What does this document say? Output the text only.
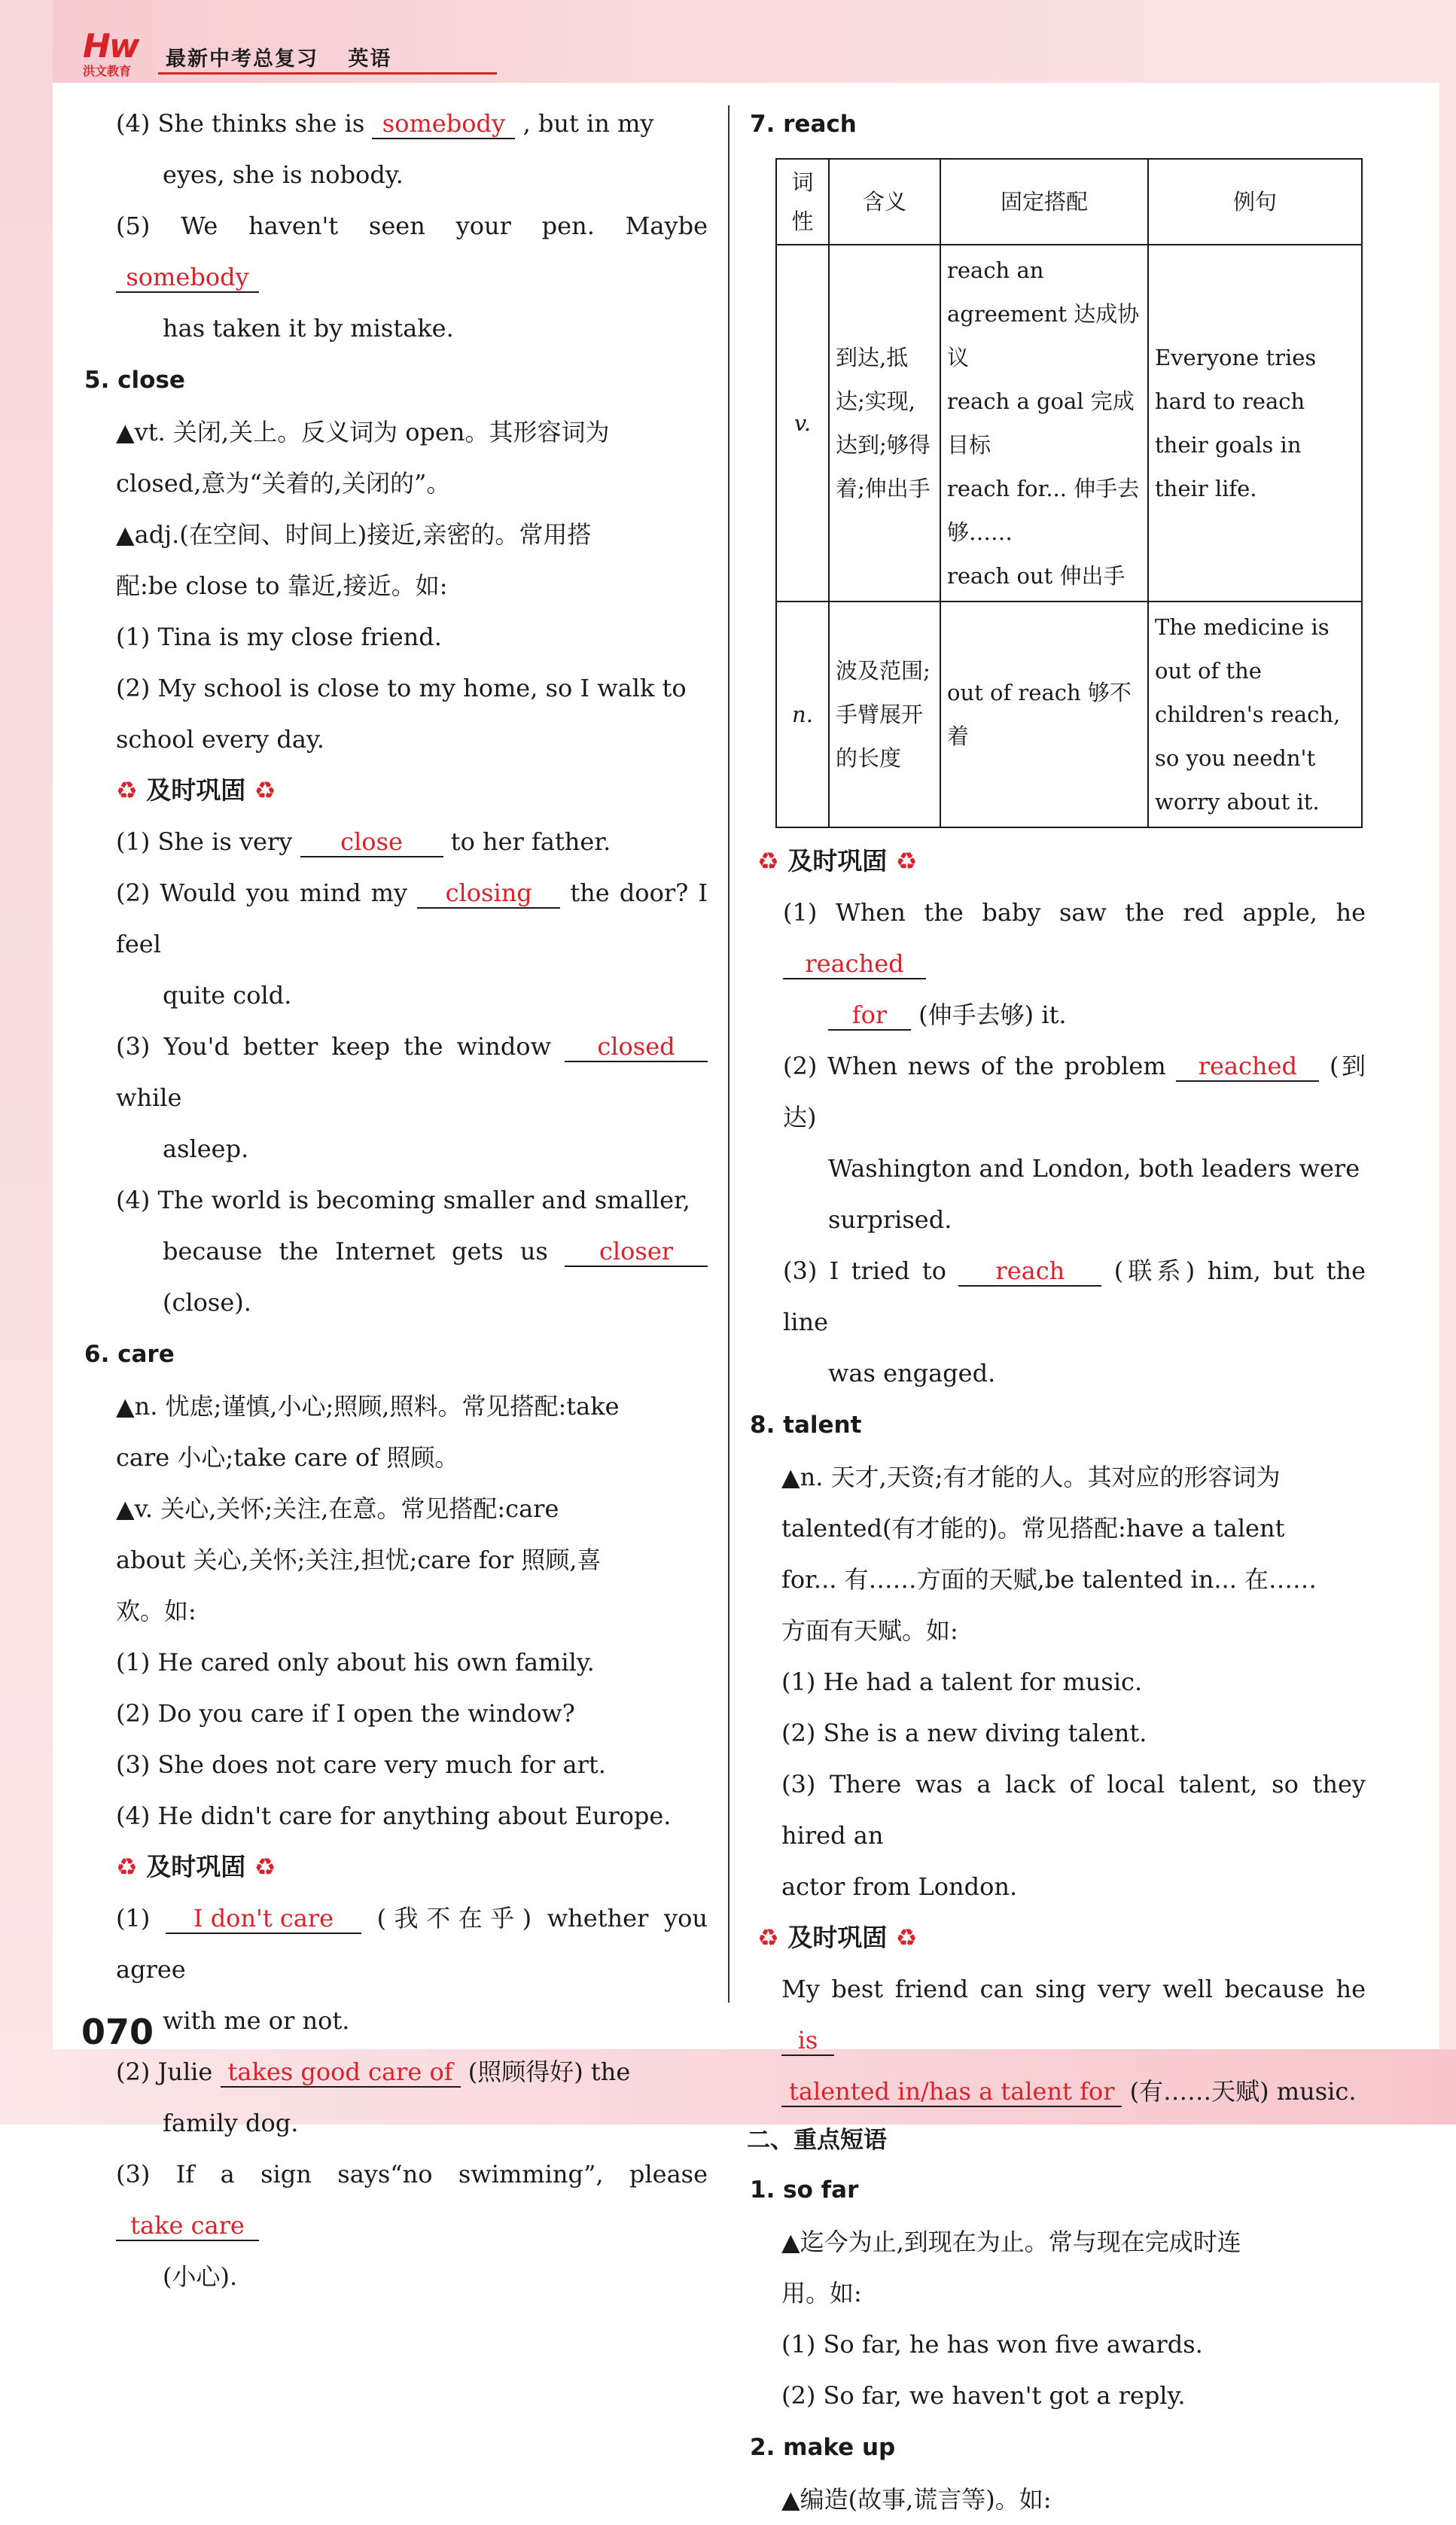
Hw
洪文教育
最新中考总复习 英语

(4) She thinks she is somebody , but in my

eyes, she is nobody.

(5) We haven't seen your pen. Maybe somebody

has taken it by mistake.

5. close

▲vt. 关闭,关上。反义词为 open。其形容词为

closed,意为“关着的,关闭的”。

▲adj.(在空间、时间上)接近,亲密的。常用搭

配:be close to 靠近,接近。如:

(1) Tina is my close friend.

(2) My school is close to my home, so I walk to

school every day.

♻ 及时巩固 ♻

(1) She is very close to her father.

(2) Would you mind my closing the door? I feel

quite cold.

(3) You'd better keep the window closed while

asleep.

(4) The world is becoming smaller and smaller,

because the Internet gets us closer (close).

6. care

▲n. 忧虑;谨慎,小心;照顾,照料。常见搭配:take

care 小心;take care of 照顾。

▲v. 关心,关怀;关注,在意。常见搭配:care

about 关心,关怀;关注,担忧;care for 照顾,喜

欢。如:

(1) He cared only about his own family.

(2) Do you care if I open the window?

(3) She does not care very much for art.

(4) He didn't care for anything about Europe.

♻ 及时巩固 ♻

(1) I don't care (我不在乎) whether you agree

with me or not.

(2) Julie takes good care of (照顾得好) the

family dog.

(3) If a sign says“no swimming”, please take care

(小心).

7. reach

词性	含义	固定搭配	例句
v.	到达,抵达;实现,达到;够得着;伸出手	reach an agreement 达成协议
reach a goal 完成目标
reach for... 伸手去够……
reach out 伸出手	Everyone tries hard to reach their goals in their life.
n.	波及范围;手臂展开的长度	out of reach 够不着	The medicine is out of the children's reach, so you needn't worry about it.
♻ 及时巩固 ♻

(1) When the baby saw the red apple, he reached

for (伸手去够) it.

(2) When news of the problem reached (到达)

Washington and London, both leaders were

surprised.

(3) I tried to reach (联系) him, but the line

was engaged.

8. talent

▲n. 天才,天资;有才能的人。其对应的形容词为

talented(有才能的)。常见搭配:have a talent

for... 有……方面的天赋,be talented in... 在……

方面有天赋。如:

(1) He had a talent for music.

(2) She is a new diving talent.

(3) There was a lack of local talent, so they hired an

actor from London.

♻ 及时巩固 ♻

My best friend can sing very well because he is

talented in/has a talent for (有……天赋) music.

二、重点短语

1. so far

▲迄今为止,到现在为止。常与现在完成时连

用。如:

(1) So far, he has won five awards.

(2) So far, we haven't got a reply.

2. make up

▲编造(故事,谎言等)。如:

070
